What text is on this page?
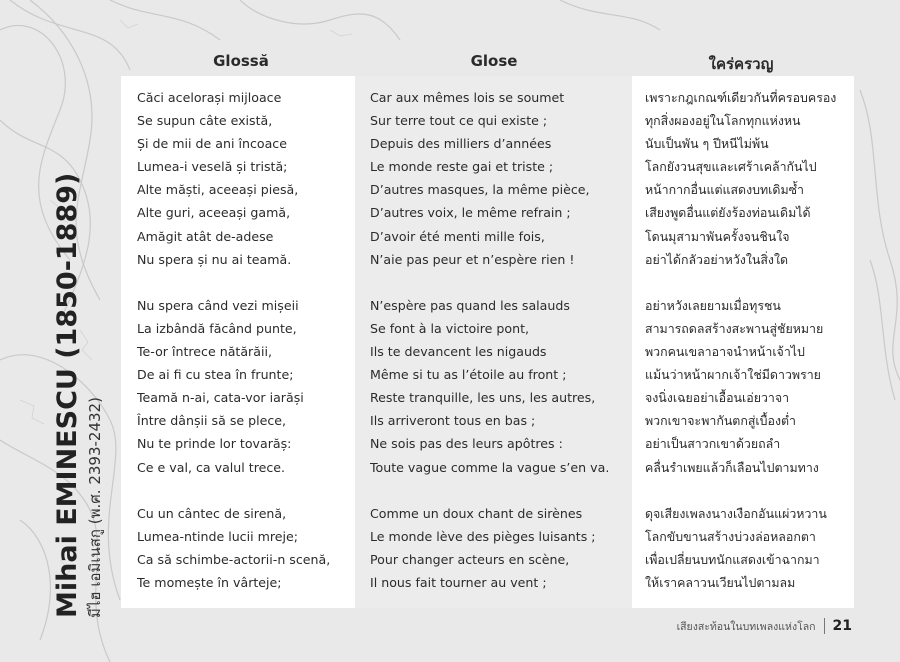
Mihai EMINESCU (1850-1889) มีไฮ เอมิเนสกู (พ.ศ. 2393-2432)
Glossă	Glose	ใคร่ครวญ
Căci acelorași mijloace
Se supun câte există,
Și de mii de ani încoace
Lumea-i veselă și tristă;
Alte măști, aceeași piesă,
Alte guri, aceeași gamă,
Amăgit atât de-adese
Nu spera și nu ai teamă.
Nu spera când vezi mișeii
La izbândă făcând punte,
Te-or întrece nătărăii,
De ai fi cu stea în frunte;
Teamă n-ai, cata-vor iarăși
Între dânșii să se plece,
Nu te prinde lor tovarăș:
Ce e val, ca valul trece.
Cu un cântec de sirenă,
Lumea-ntinde lucii mreje;
Ca să schimbe-actorii-n scenă,
Te momește în vârteje;
Car aux mêmes lois se soumet
Sur terre tout ce qui existe ;
Depuis des milliers d’années
Le monde reste gai et triste ;
D’autres masques, la même pièce,
D’autres voix, le même refrain ;
D’avoir été menti mille fois,
N’aie pas peur et n’espère rien !
N’espère pas quand les salauds
Se font à la victoire pont,
Ils te devancent les nigauds
Même si tu as l’étoile au front ;
Reste tranquille, les uns, les autres,
Ils arriveront tous en bas ;
Ne sois pas des leurs apôtres :
Toute vague comme la vague s’en va.
Comme un doux chant de sirènes
Le monde lève des pièges luisants ;
Pour changer acteurs en scène,
Il nous fait tourner au vent ;
เพราะกฎเกณฑ์เดียวกันที่ครอบครอง
ทุกสิ่งผองอยู่ในโลกทุกแห่งหน
นับเป็นพัน ๆ ปีหนีไม่พ้น
โลกยังวนสุขและเศร้าเคล้ากันไป
หน้ากากอื่นแต่แสดงบทเดิมซ้ำ
เสียงพูดอื่นแต่ยังร้องท่อนเดิมได้
โดนมุสามาพันครั้งจนชินใจ
อย่าได้กลัวอย่าหวังในสิ่งใด
อย่าหวังเลยยามเมื่อทุรชน
สามารถดลสร้างสะพานสู่ชัยหมาย
พวกคนเขลาอาจนำหน้าเจ้าไป
แม้นว่าหน้าผากเจ้าใช่มีดาวพราย
จงนิ่งเฉยอย่าเอื้อนเอ่ยวาจา
พวกเขาจะพากันตกสู่เบื้องต่ำ
อย่าเป็นสาวกเขาด้วยถลำ
คลื่นรำเพยแล้วก็เลือนไปตามทาง
ดุจเสียงเพลงนางเงือกอันแผ่วหวาน
โลกขับขานสร้างบ่วงล่อหลอกตา
เพื่อเปลี่ยนบทนักแสดงเข้าฉากมา
ให้เราคลาวนเวียนไปตามลม
เสียงสะท้อนในบทเพลงแห่งโลก 21
